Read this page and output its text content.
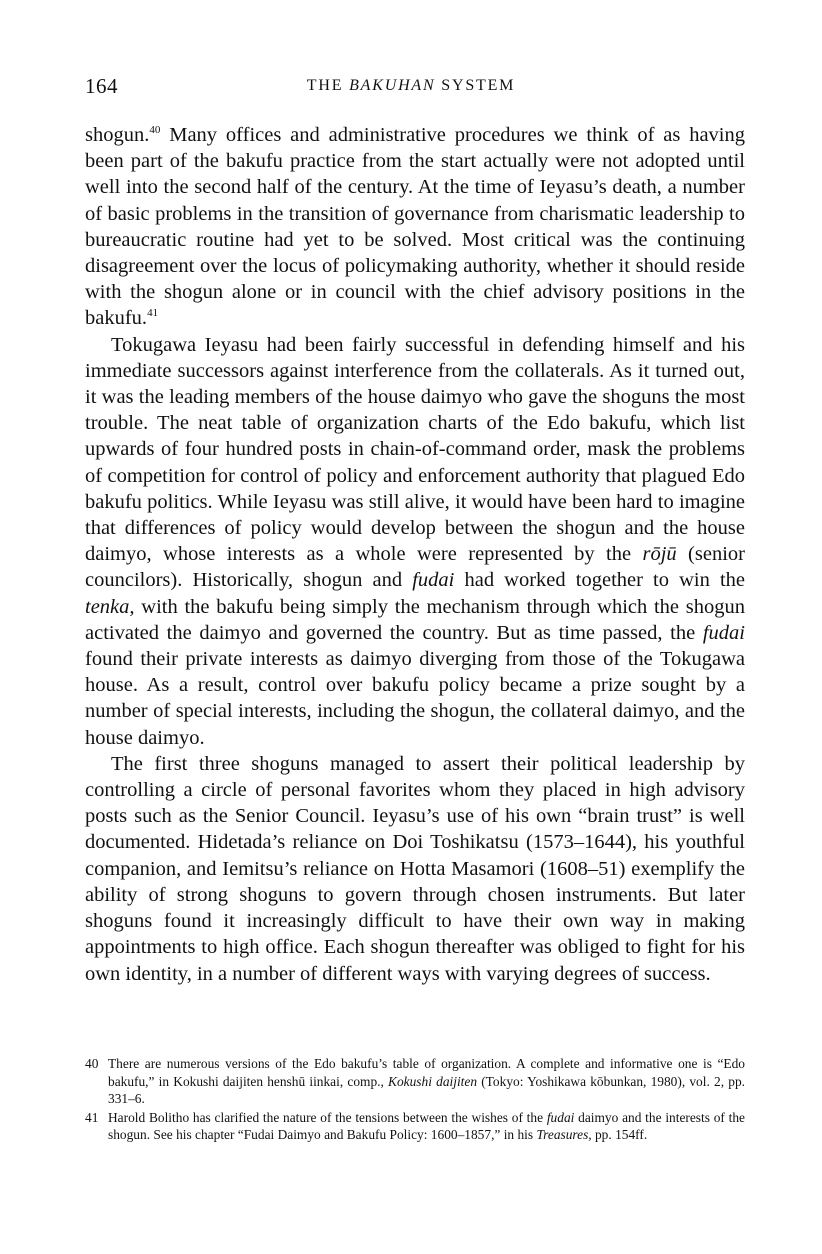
164	THE BAKUHAN SYSTEM

shogun.$^{40}$ Many offices and administrative procedures we think of as having been part of the bakufu practice from the start actually were not adopted until well into the second half of the century. At the time of Ieyasu’s death, a number of basic problems in the transition of governance from charismatic leadership to bureaucratic routine had yet to be solved. Most critical was the continuing disagreement over the locus of policymaking authority, whether it should reside with the shogun alone or in council with the chief advisory positions in the bakufu.$^{41}$

Tokugawa Ieyasu had been fairly successful in defending himself and his immediate successors against interference from the collaterals. As it turned out, it was the leading members of the house daimyo who gave the shoguns the most trouble. The neat table of organization charts of the Edo bakufu, which list upwards of four hundred posts in chain-of-command order, mask the problems of competition for control of policy and enforcement authority that plagued Edo bakufu politics. While Ieyasu was still alive, it would have been hard to imagine that differences of policy would develop between the shogun and the house daimyo, whose interests as a whole were represented by the rōjū (senior councilors). Historically, shogun and fudai had worked together to win the tenka, with the bakufu being simply the mechanism through which the shogun activated the daimyo and governed the country. But as time passed, the fudai found their private interests as daimyo diverging from those of the Tokugawa house. As a result, control over bakufu policy became a prize sought by a number of special interests, including the shogun, the collateral daimyo, and the house daimyo.

The first three shoguns managed to assert their political leadership by controlling a circle of personal favorites whom they placed in high advisory posts such as the Senior Council. Ieyasu’s use of his own “brain trust” is well documented. Hidetada’s reliance on Doi Toshikatsu (1573–1644), his youthful companion, and Iemitsu’s reliance on Hotta Masamori (1608–51) exemplify the ability of strong shoguns to govern through chosen instruments. But later shoguns found it increasingly difficult to have their own way in making appointments to high office. Each shogun thereafter was obliged to fight for his own identity, in a number of different ways with varying degrees of success.

40 There are numerous versions of the Edo bakufu’s table of organization. A complete and informative one is “Edo bakufu,” in Kokushi daijiten henshū iinkai, comp., Kokushi daijiten (Tokyo: Yoshikawa kōbunkan, 1980), vol. 2, pp. 331–6.

41 Harold Bolitho has clarified the nature of the tensions between the wishes of the fudai daimyo and the interests of the shogun. See his chapter “Fudai Daimyo and Bakufu Policy: 1600–1857,” in his Treasures, pp. 154ff.
